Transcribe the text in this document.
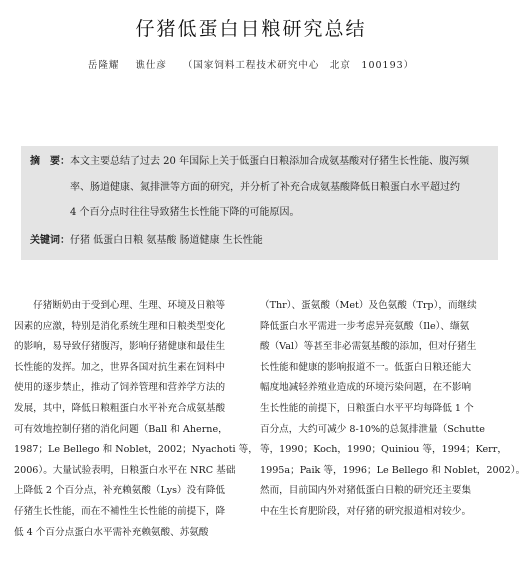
仔猪低蛋白日粮研究总结
岳隆耀 谯仕彦 （国家饲料工程技术研究中心　北京　100193）
摘　要：本文主要总结了过去 20 年国际上关于低蛋白日粮添加合成氨基酸对仔猪生长性能、腹泻频
率、肠道健康、氮排泄等方面的研究，并分析了补充合成氨基酸降低日粮蛋白水平超过约
4 个百分点时往往导致猪生长性能下降的可能原因。
关键词：仔猪 低蛋白日粮 氨基酸 肠道健康 生长性能
　　仔猪断奶由于受到心理、生理、环境及日粮等
因素的应激，特别是消化系统生理和日粮类型变化
的影响，易导致仔猪腹泻，影响仔猪健康和最佳生
长性能的发挥。加之，世界各国对抗生素在饲料中
使用的逐步禁止，推动了饲养管理和营养学方法的
发展，其中，降低日粮粗蛋白水平补充合成氨基酸
可有效地控制仔猪的消化问题（Ball 和 Aherne，
1987；Le Bellego 和 Noblet，2002；Nyachoti 等，
2006）。大量试验表明，日粮蛋白水平在 NRC 基础
上降低 2 个百分点，补充赖氨酸（Lys）没有降低
仔猪生长性能，而在不補性生长性能的前提下，降
低 4 个百分点蛋白水平需补充赖氨酸、苏氨酸
（Thr）、蛋氨酸（Met）及色氨酸（Trp），而继续
降低蛋白水平需进一步考虑异亮氨酸（Ile）、缬氨
酸（Val）等甚至非必需氨基酸的添加，但对仔猪生
长性能和健康的影响报道不一。低蛋白日粮还能大
幅度地减轻养殖业造成的环境污染问题，在不影响
生长性能的前提下，日粮蛋白水平平均每降低 1 个
百分点，大约可减少 8-10%的总氮排泄量（Schutte
等，1990；Koch，1990；Quiniou 等，1994；Kerr，
1995a；Paik 等，1996；Le Bellego 和 Noblet，2002）。
然而，目前国内外对猪低蛋白日粮的研究还主要集
中在生长育肥阶段，对仔猪的研究报道相对较少。
